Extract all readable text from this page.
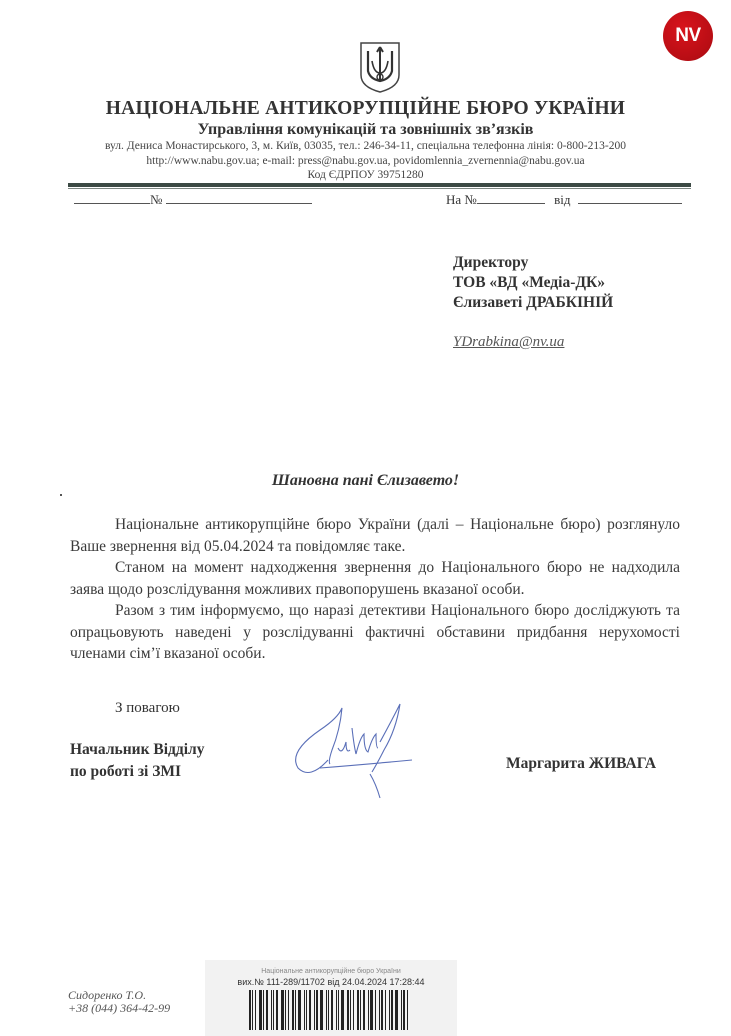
NV
НАЦІОНАЛЬНЕ АНТИКОРУПЦІЙНЕ БЮРО УКРАЇНИ
Управління комунікацій та зовнішніх зв’язків
вул. Дениса Монастирського, 3, м. Київ, 03035, тел.: 246-34-11, спеціальна телефонна лінія: 0-800-213-200
http://www.nabu.gov.ua; e-mail: press@nabu.gov.ua, povidomlennia_zvernennia@nabu.gov.ua
Код ЄДРПОУ 39751280
№	На №	від
Директору
ТОВ «ВД «Медіа-ДК»
Єлизаветі ДРАБКІНІЙ
YDrabkina@nv.ua
Шановна пані Єлизавето!

Національне антикорупційне бюро України (далі – Національне бюро) розглянуло Ваше звернення від 05.04.2024 та повідомляє таке.

Станом на момент надходження звернення до Національного бюро не надходила заява щодо розслідування можливих правопорушень вказаної особи.

Разом з тим інформуємо, що наразі детективи Національного бюро досліджують та опрацьовують наведені у розслідуванні фактичні обставини придбання нерухомості членами сім’ї вказаної особи.

З повагою
Начальник Відділу
по роботі зі ЗМІ	Маргарита ЖИВАГА
Національне антикорупційне бюро України
вих.№ 111-289/11702 від 24.04.2024 17:28:44
Сидоренко Т.О.
+38 (044) 364-42-99
